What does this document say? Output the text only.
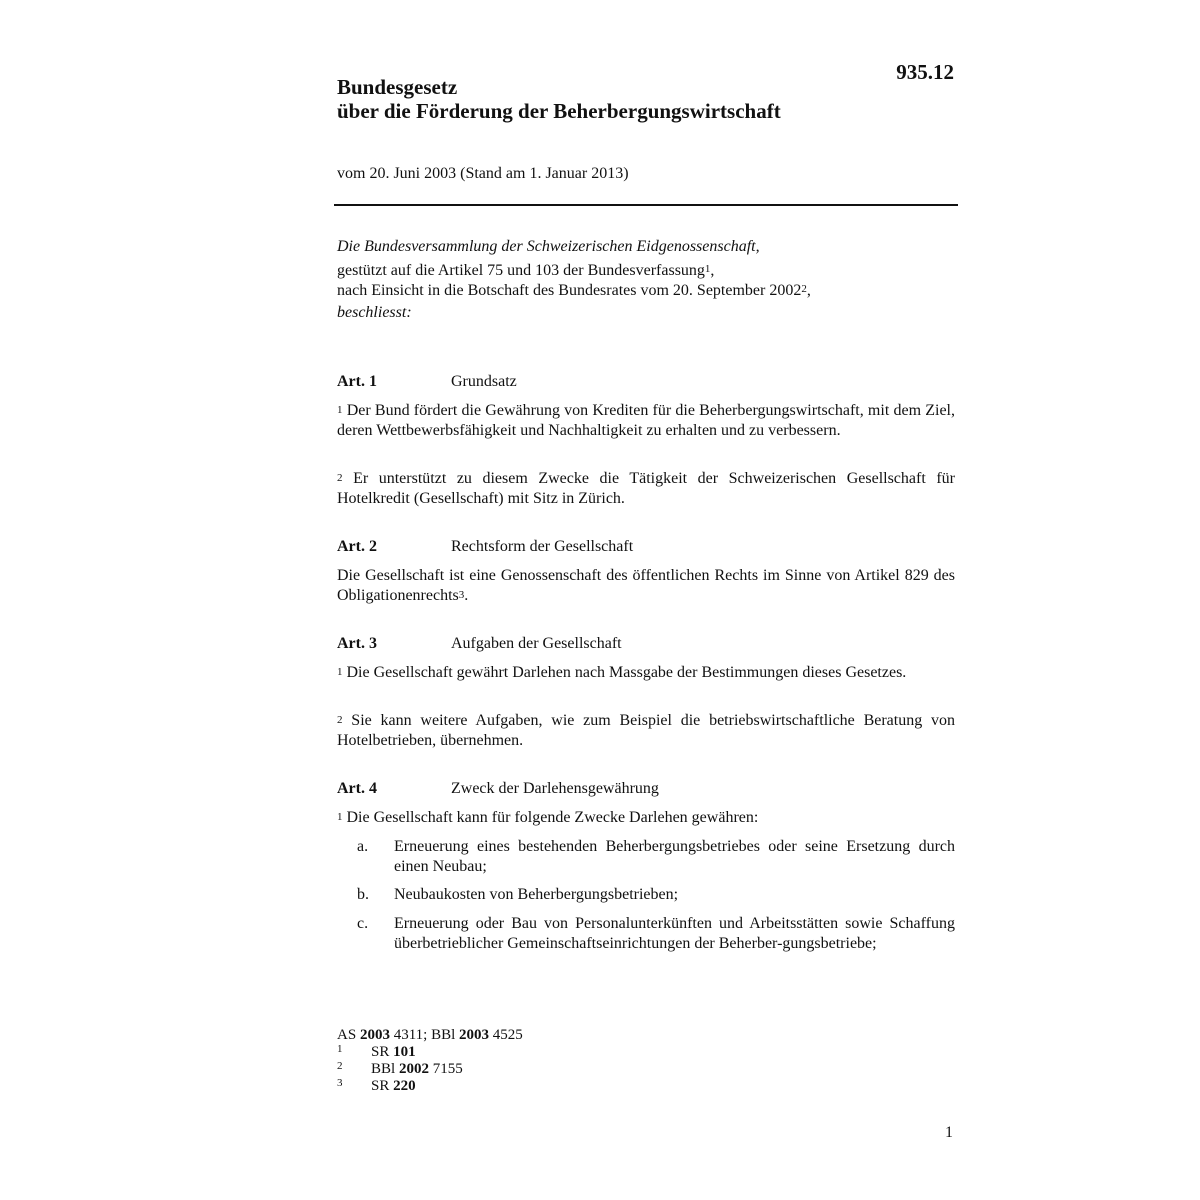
935.12
Bundesgesetz
über die Förderung der Beherbergungswirtschaft
vom 20. Juni 2003 (Stand am 1. Januar 2013)

Die Bundesversammlung der Schweizerischen Eidgenossenschaft,

gestützt auf die Artikel 75 und 103 der Bundesverfassung$^1$,

nach Einsicht in die Botschaft des Bundesrates vom 20. September 2002$^2$,

beschliesst:

Art. 1	Grundsatz

$^1$ Der Bund fördert die Gewährung von Krediten für die Beherbergungswirtschaft, mit dem Ziel, deren Wettbewerbsfähigkeit und Nachhaltigkeit zu erhalten und zu verbessern.

$^2$ Er unterstützt zu diesem Zwecke die Tätigkeit der Schweizerischen Gesellschaft für Hotelkredit (Gesellschaft) mit Sitz in Zürich.

Art. 2	Rechtsform der Gesellschaft

Die Gesellschaft ist eine Genossenschaft des öffentlichen Rechts im Sinne von Artikel 829 des Obligationenrechts$^3$.

Art. 3	Aufgaben der Gesellschaft

$^1$ Die Gesellschaft gewährt Darlehen nach Massgabe der Bestimmungen dieses Gesetzes.

$^2$ Sie kann weitere Aufgaben, wie zum Beispiel die betriebswirtschaftliche Beratung von Hotelbetrieben, übernehmen.

Art. 4	Zweck der Darlehensgewährung

$^1$ Die Gesellschaft kann für folgende Zwecke Darlehen gewähren:

a. Erneuerung eines bestehenden Beherbergungsbetriebes oder seine Ersetzung durch einen Neubau;
b. Neubaukosten von Beherbergungsbetrieben;
c. Erneuerung oder Bau von Personalunterkünften und Arbeitsstätten sowie Schaffung überbetrieblicher Gemeinschaftseinrichtungen der Beherber-gungsbetriebe;
AS 2003 4311; BBl 2003 4525
1 SR 101
2 BBl 2002 7155
3 SR 220
1
